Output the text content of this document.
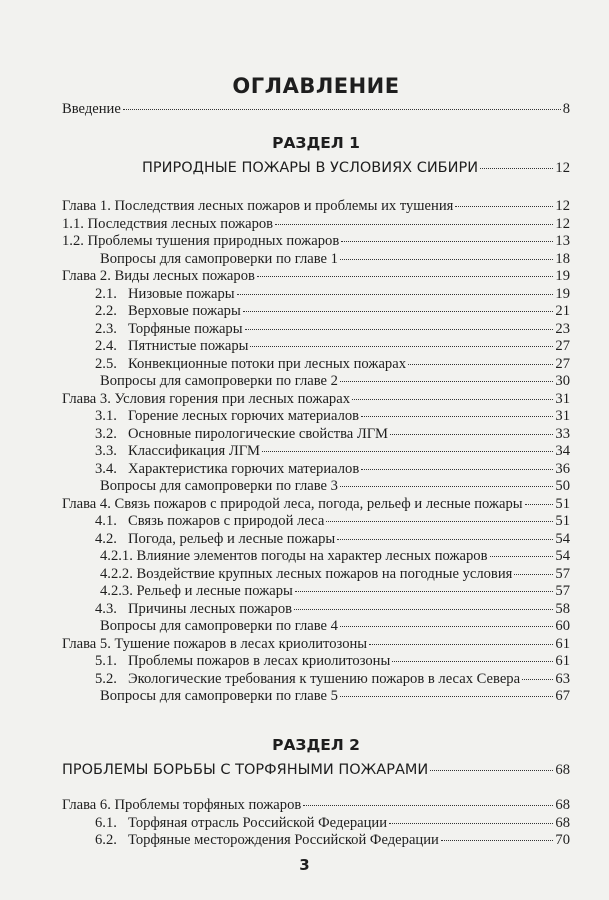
ОГЛАВЛЕНИЕ
Введение	8
РАЗДЕЛ 1
ПРИРОДНЫЕ ПОЖАРЫ В УСЛОВИЯХ СИБИРИ	12
Глава 1. Последствия лесных пожаров и проблемы их тушения	12
1.1. Последствия лесных пожаров	12
1.2. Проблемы тушения природных пожаров	13
Вопросы для самопроверки по главе 1	18
Глава 2. Виды лесных пожаров	19
2.1. Низовые пожары	19
2.2. Верховые пожары	21
2.3. Торфяные пожары	23
2.4. Пятнистые пожары	27
2.5. Конвекционные потоки при лесных пожарах	27
Вопросы для самопроверки по главе 2	30
Глава 3. Условия горения при лесных пожарах	31
3.1. Горение лесных горючих материалов	31
3.2. Основные пирологические свойства ЛГМ	33
3.3. Классификация ЛГМ	34
3.4. Характеристика горючих материалов	36
Вопросы для самопроверки по главе 3	50
Глава 4. Связь пожаров с природой леса, погода, рельеф и лесные пожары 51
4.1. Связь пожаров с природой леса	51
4.2. Погода, рельеф и лесные пожары	54
4.2.1. Влияние элементов погоды на характер лесных пожаров	54
4.2.2. Воздействие крупных лесных пожаров на погодные условия	57
4.2.3. Рельеф и лесные пожары	57
4.3. Причины лесных пожаров	58
Вопросы для самопроверки по главе 4	60
Глава 5. Тушение пожаров в лесах криолитозоны	61
5.1. Проблемы пожаров в лесах криолитозоны	61
5.2. Экологические требования к тушению пожаров в лесах Севера 63
Вопросы для самопроверки по главе 5	67
РАЗДЕЛ 2
ПРОБЛЕМЫ БОРЬБЫ С ТОРФЯНЫМИ ПОЖАРАМИ	68
Глава 6. Проблемы торфяных пожаров	68
6.1. Торфяная отрасль Российской Федерации	68
6.2. Торфяные месторождения Российской Федерации	70
3
